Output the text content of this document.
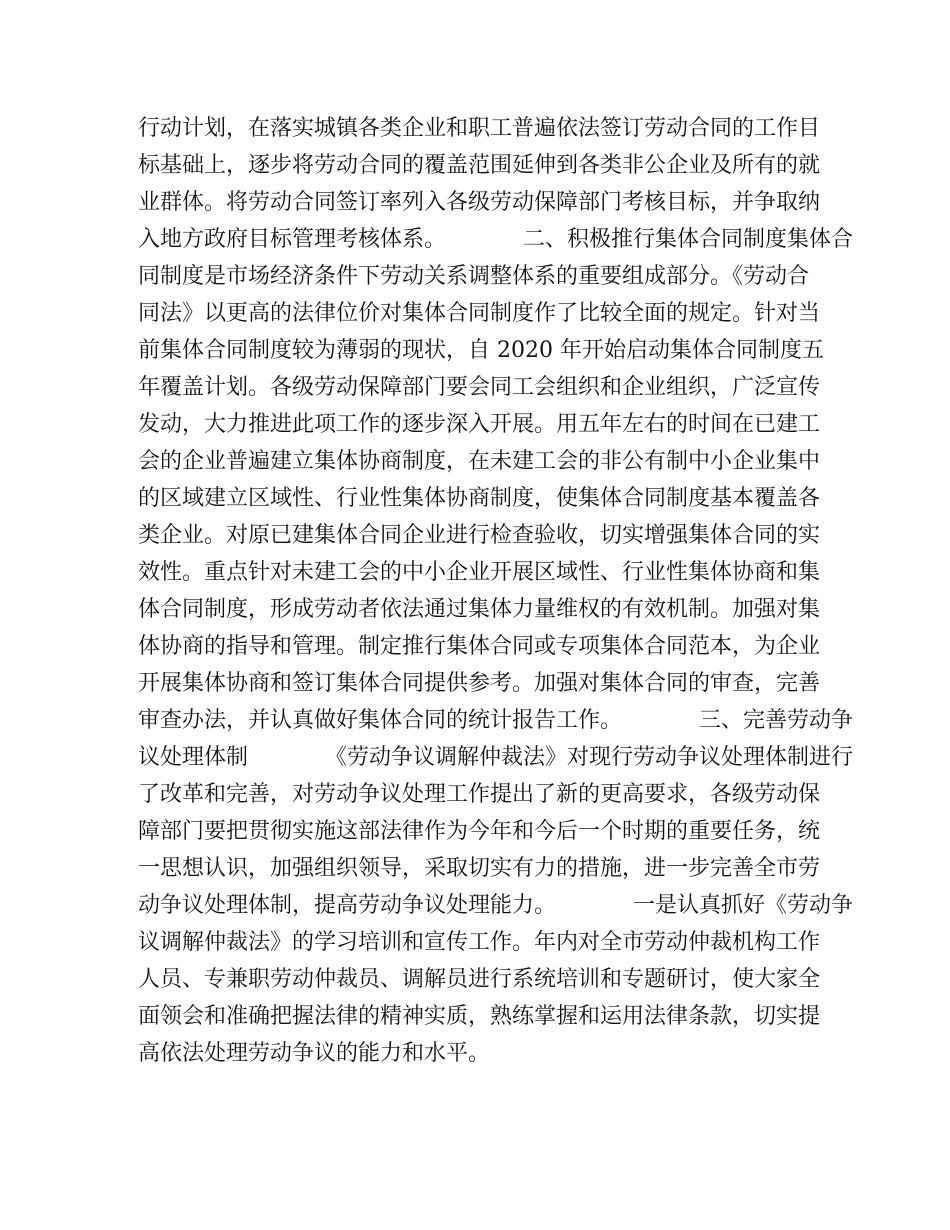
行动计划，在落实城镇各类企业和职工普遍依法签订劳动合同的工作目
标基础上，逐步将劳动合同的覆盖范围延伸到各类非公企业及所有的就
业群体。将劳动合同签订率列入各级劳动保障部门考核目标，并争取纳
入地方政府目标管理考核体系。　　　　二、积极推行集体合同制度集体合
同制度是市场经济条件下劳动关系调整体系的重要组成部分。《劳动合
同法》以更高的法律位价对集体合同制度作了比较全面的规定。针对当
前集体合同制度较为薄弱的现状，自 2020 年开始启动集体合同制度五
年覆盖计划。各级劳动保障部门要会同工会组织和企业组织，广泛宣传
发动，大力推进此项工作的逐步深入开展。用五年左右的时间在已建工
会的企业普遍建立集体协商制度，在未建工会的非公有制中小企业集中
的区域建立区域性、行业性集体协商制度，使集体合同制度基本覆盖各
类企业。对原已建集体合同企业进行检查验收，切实增强集体合同的实
效性。重点针对未建工会的中小企业开展区域性、行业性集体协商和集
体合同制度，形成劳动者依法通过集体力量维权的有效机制。加强对集
体协商的指导和管理。制定推行集体合同或专项集体合同范本，为企业
开展集体协商和签订集体合同提供参考。加强对集体合同的审查，完善
审查办法，并认真做好集体合同的统计报告工作。　　　　三、完善劳动争
议处理体制　　　　《劳动争议调解仲裁法》对现行劳动争议处理体制进行
了改革和完善，对劳动争议处理工作提出了新的更高要求，各级劳动保
障部门要把贯彻实施这部法律作为今年和今后一个时期的重要任务，统
一思想认识，加强组织领导，采取切实有力的措施，进一步完善全市劳
动争议处理体制，提高劳动争议处理能力。　　　　一是认真抓好《劳动争
议调解仲裁法》的学习培训和宣传工作。年内对全市劳动仲裁机构工作
人员、专兼职劳动仲裁员、调解员进行系统培训和专题研讨，使大家全
面领会和准确把握法律的精神实质，熟练掌握和运用法律条款，切实提
高依法处理劳动争议的能力和水平。
